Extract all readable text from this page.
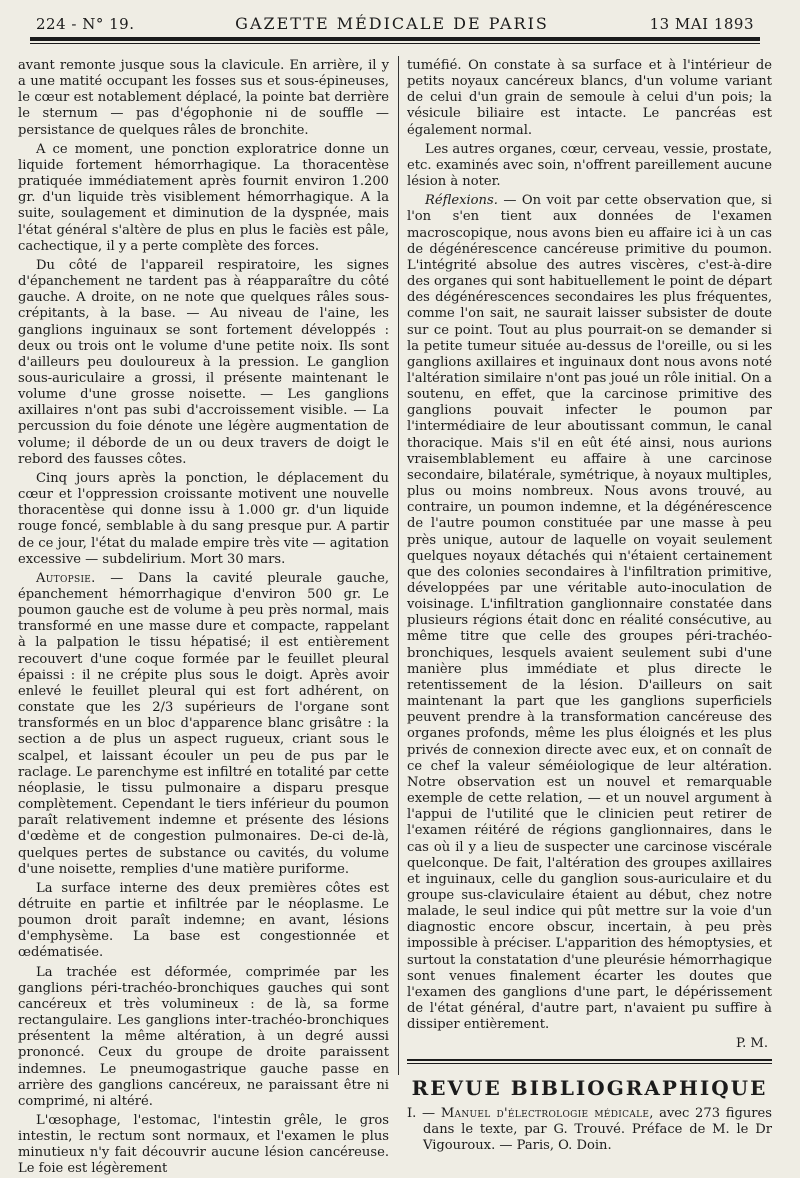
224 - N° 19.	GAZETTE MÉDICALE DE PARIS	13 MAI 1893

avant remonte jusque sous la clavicule. En arrière, il y a une matité occupant les fosses sus et sous-épineuses, le cœur est notablement déplacé, la pointe bat derrière le sternum — pas d'égophonie ni de souffle — persistance de quelques râles de bronchite.

A ce moment, une ponction exploratrice donne un liquide fortement hémorrhagique. La thoracentèse pratiquée immédiatement après fournit environ 1.200 gr. d'un liquide très visiblement hémorrhagique. A la suite, soulagement et diminution de la dyspnée, mais l'état général s'altère de plus en plus le faciès est pâle, cachectique, il y a perte complète des forces.

Du côté de l'appareil respiratoire, les signes d'épanchement ne tardent pas à réapparaître du côté gauche. A droite, on ne note que quelques râles sous-crépitants, à la base. — Au niveau de l'aine, les ganglions inguinaux se sont fortement développés : deux ou trois ont le volume d'une petite noix. Ils sont d'ailleurs peu douloureux à la pression. Le ganglion sous-auriculaire a grossi, il présente maintenant le volume d'une grosse noisette. — Les ganglions axillaires n'ont pas subi d'accroissement visible. — La percussion du foie dénote une légère augmentation de volume; il déborde de un ou deux travers de doigt le rebord des fausses côtes.

Cinq jours après la ponction, le déplacement du cœur et l'oppression croissante motivent une nouvelle thoracentèse qui donne issu à 1.000 gr. d'un liquide rouge foncé, semblable à du sang presque pur. A partir de ce jour, l'état du malade empire très vite — agitation excessive — subdelirium. Mort 30 mars.

Autopsie. — Dans la cavité pleurale gauche, épanchement hémorrhagique d'environ 500 gr. Le poumon gauche est de volume à peu près normal, mais transformé en une masse dure et compacte, rappelant à la palpation le tissu hépatisé; il est entièrement recouvert d'une coque formée par le feuillet pleural épaissi : il ne crépite plus sous le doigt. Après avoir enlevé le feuillet pleural qui est fort adhérent, on constate que les 2/3 supérieurs de l'organe sont transformés en un bloc d'apparence blanc grisâtre : la section a de plus un aspect rugueux, criant sous le scalpel, et laissant écouler un peu de pus par le raclage. Le parenchyme est infiltré en totalité par cette néoplasie, le tissu pulmonaire a disparu presque complètement. Cependant le tiers inférieur du poumon paraît relativement indemne et présente des lésions d'œdème et de congestion pulmonaires. De-ci de-là, quelques pertes de substance ou cavités, du volume d'une noisette, remplies d'une matière puriforme.

La surface interne des deux premières côtes est détruite en partie et infiltrée par le néoplasme. Le poumon droit paraît indemne; en avant, lésions d'emphysème. La base est congestionnée et œdématisée.

La trachée est déformée, comprimée par les ganglions péri-trachéo-bronchiques gauches qui sont cancéreux et très volumineux : de là, sa forme rectangulaire. Les ganglions inter-trachéo-bronchiques présentent la même altération, à un degré aussi prononcé. Ceux du groupe de droite paraissent indemnes. Le pneumogastrique gauche passe en arrière des ganglions cancéreux, ne paraissant être ni comprimé, ni altéré.

L'œsophage, l'estomac, l'intestin grêle, le gros intestin, le rectum sont normaux, et l'examen le plus minutieux n'y fait découvrir aucune lésion cancéreuse. Le foie est légèrement

tuméfié. On constate à sa surface et à l'intérieur de petits noyaux cancéreux blancs, d'un volume variant de celui d'un grain de semoule à celui d'un pois; la vésicule biliaire est intacte. Le pancréas est également normal.

Les autres organes, cœur, cerveau, vessie, prostate, etc. examinés avec soin, n'offrent pareillement aucune lésion à noter.

Réflexions. — On voit par cette observation que, si l'on s'en tient aux données de l'examen macroscopique, nous avons bien eu affaire ici à un cas de dégénérescence cancéreuse primitive du poumon. L'intégrité absolue des autres viscères, c'est-à-dire des organes qui sont habituellement le point de départ des dégénérescences secondaires les plus fréquentes, comme l'on sait, ne saurait laisser subsister de doute sur ce point. Tout au plus pourrait-on se demander si la petite tumeur située au-dessus de l'oreille, ou si les ganglions axillaires et inguinaux dont nous avons noté l'altération similaire n'ont pas joué un rôle initial. On a soutenu, en effet, que la carcinose primitive des ganglions pouvait infecter le poumon par l'intermédiaire de leur aboutissant commun, le canal thoracique. Mais s'il en eût été ainsi, nous aurions vraisemblablement eu affaire à une carcinose secondaire, bilatérale, symétrique, à noyaux multiples, plus ou moins nombreux. Nous avons trouvé, au contraire, un poumon indemne, et la dégénérescence de l'autre poumon constituée par une masse à peu près unique, autour de laquelle on voyait seulement quelques noyaux détachés qui n'étaient certainement que des colonies secondaires à l'infiltration primitive, développées par une véritable auto-inoculation de voisinage. L'infiltration ganglionnaire constatée dans plusieurs régions était donc en réalité consécutive, au même titre que celle des groupes péri-trachéo-bronchiques, lesquels avaient seulement subi d'une manière plus immédiate et plus directe le retentissement de la lésion. D'ailleurs on sait maintenant la part que les ganglions superficiels peuvent prendre à la transformation cancéreuse des organes profonds, même les plus éloignés et les plus privés de connexion directe avec eux, et on connaît de ce chef la valeur séméiologique de leur altération. Notre observation est un nouvel et remarquable exemple de cette relation, — et un nouvel argument à l'appui de l'utilité que le clinicien peut retirer de l'examen réitéré de régions ganglionnaires, dans le cas où il y a lieu de suspecter une carcinose viscérale quelconque. De fait, l'altération des groupes axillaires et inguinaux, celle du ganglion sous-auriculaire et du groupe sus-claviculaire étaient au début, chez notre malade, le seul indice qui pût mettre sur la voie d'un diagnostic encore obscur, incertain, à peu près impossible à préciser. L'apparition des hémoptysies, et surtout la constatation d'une pleurésie hémorrhagique sont venues finalement écarter les doutes que l'examen des ganglions d'une part, le dépérissement de l'état général, d'autre part, n'avaient pu suffire à dissiper entièrement.

P. M.
REVUE BIBLIOGRAPHIQUE

I. — Manuel d'électrologie médicale, avec 273 figures dans le texte, par G. Trouvé. Préface de M. le Dr Vigouroux. — Paris, O. Doin.
